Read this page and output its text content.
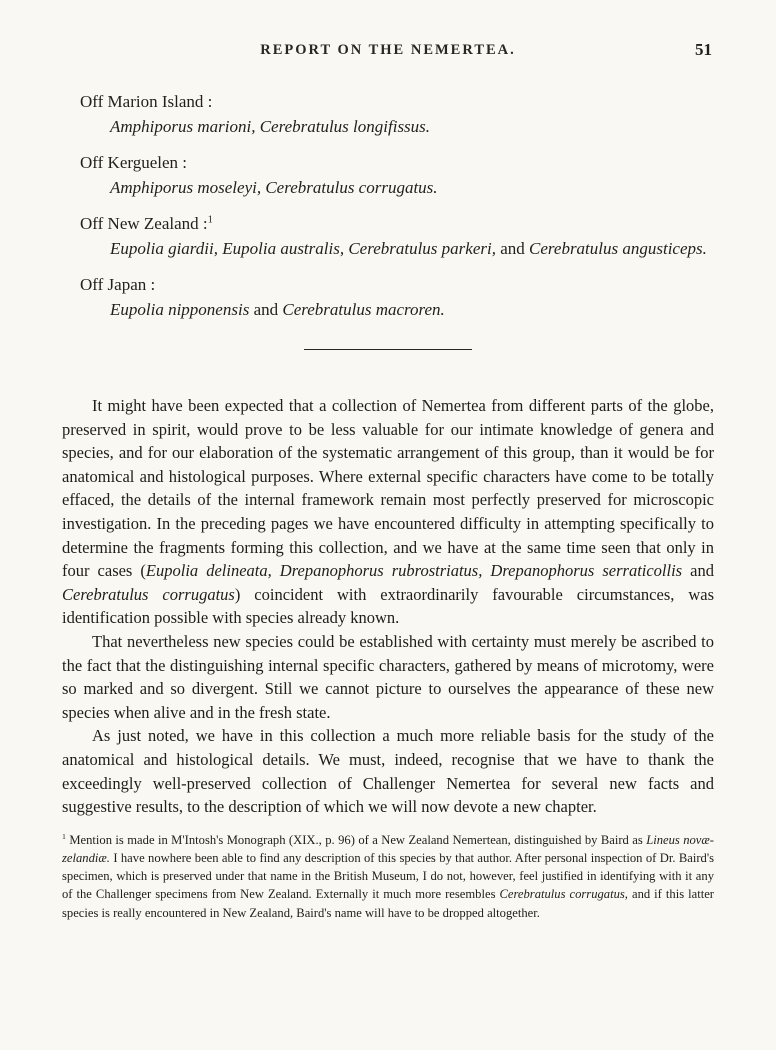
REPORT ON THE NEMERTEA.	51
Off Marion Island :
Amphiporus marioni, Cerebratulus longifissus.
Off Kerguelen :
Amphiporus moseleyi, Cerebratulus corrugatus.
Off New Zealand :$^1$
Eupolia giardii, Eupolia australis, Cerebratulus parkeri, and Cerebratulus angusticeps.
Off Japan :
Eupolia nipponensis and Cerebratulus macroren.

It might have been expected that a collection of Nemertea from different parts of the globe, preserved in spirit, would prove to be less valuable for our intimate knowledge of genera and species, and for our elaboration of the systematic arrangement of this group, than it would be for anatomical and histological purposes. Where external specific characters have come to be totally effaced, the details of the internal framework remain most perfectly preserved for microscopic investigation. In the preceding pages we have encountered difficulty in attempting specifically to determine the fragments forming this collection, and we have at the same time seen that only in four cases (Eupolia delineata, Drepanophorus rubrostriatus, Drepanophorus serraticollis and Cerebratulus corrugatus) coincident with extraordinarily favourable circumstances, was identification possible with species already known.

That nevertheless new species could be established with certainty must merely be ascribed to the fact that the distinguishing internal specific characters, gathered by means of microtomy, were so marked and so divergent. Still we cannot picture to ourselves the appearance of these new species when alive and in the fresh state.

As just noted, we have in this collection a much more reliable basis for the study of the anatomical and histological details. We must, indeed, recognise that we have to thank the exceedingly well-preserved collection of Challenger Nemertea for several new facts and suggestive results, to the description of which we will now devote a new chapter.

$^1$ Mention is made in M'Intosh's Monograph (XIX., p. 96) of a New Zealand Nemertean, distinguished by Baird as Lineus novæ-zelandiæ. I have nowhere been able to find any description of this species by that author. After personal inspection of Dr. Baird's specimen, which is preserved under that name in the British Museum, I do not, however, feel justified in identifying with it any of the Challenger specimens from New Zealand. Externally it much more resembles Cerebratulus corrugatus, and if this latter species is really encountered in New Zealand, Baird's name will have to be dropped altogether.
